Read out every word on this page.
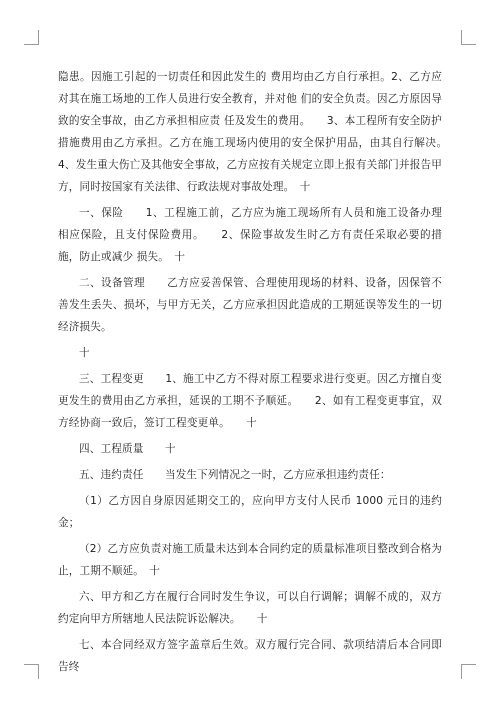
隐患。因施工引起的一切责任和因此发生的 费用均由乙方自行承担。2、乙方应对其在施工场地的工作人员进行安全教育，并对他 们的安全负责。因乙方原因导致的安全事故，由乙方承担相应责 任及发生的费用。　　3、本工程所有安全防护措施费用由乙方承担。乙方在施工现场内使用的安全保护用品，由其自行解决。　　4、发生重大伤亡及其他安全事故，乙方应按有关规定立即上报有关部门并报告甲方，同时按国家有关法律、行政法规对事故处理。　十

一、保险　　1、工程施工前，乙方应为施工现场所有人员和施工设备办理 相应保险，且支付保险费用。　　2、保险事故发生时乙方有责任采取必要的措施，防止或减少 损失。　十

二、设备管理　　乙方应妥善保管、合理使用现场的材料、设备，因保管不善发生丢失、损坏，与甲方无关，乙方应承担因此造成的工期延误等发生的一切经济损失。

十

三、工程变更　　1、施工中乙方不得对原工程要求进行变更。因乙方擅自变更发生的费用由乙方承担，延误的工期不予顺延。　　2、如有工程变更事宜，双方经协商一致后，签订工程变更单。　　十

四、工程质量　　十

五、违约责任　　当发生下列情况之一时，乙方应承担违约责任：

（1）乙方因自身原因延期交工的，应向甲方支付人民币 1000 元日的违约金；

（2）乙方应负责对施工质量未达到本合同约定的质量标准项目整改到合格为止，工期不顺延。　十

六、甲方和乙方在履行合同时发生争议，可以自行调解；调解不成的，双方约定向甲方所辖地人民法院诉讼解决。　　十

七、本合同经双方签字盖章后生效。双方履行完合同、款项结清后本合同即告终
